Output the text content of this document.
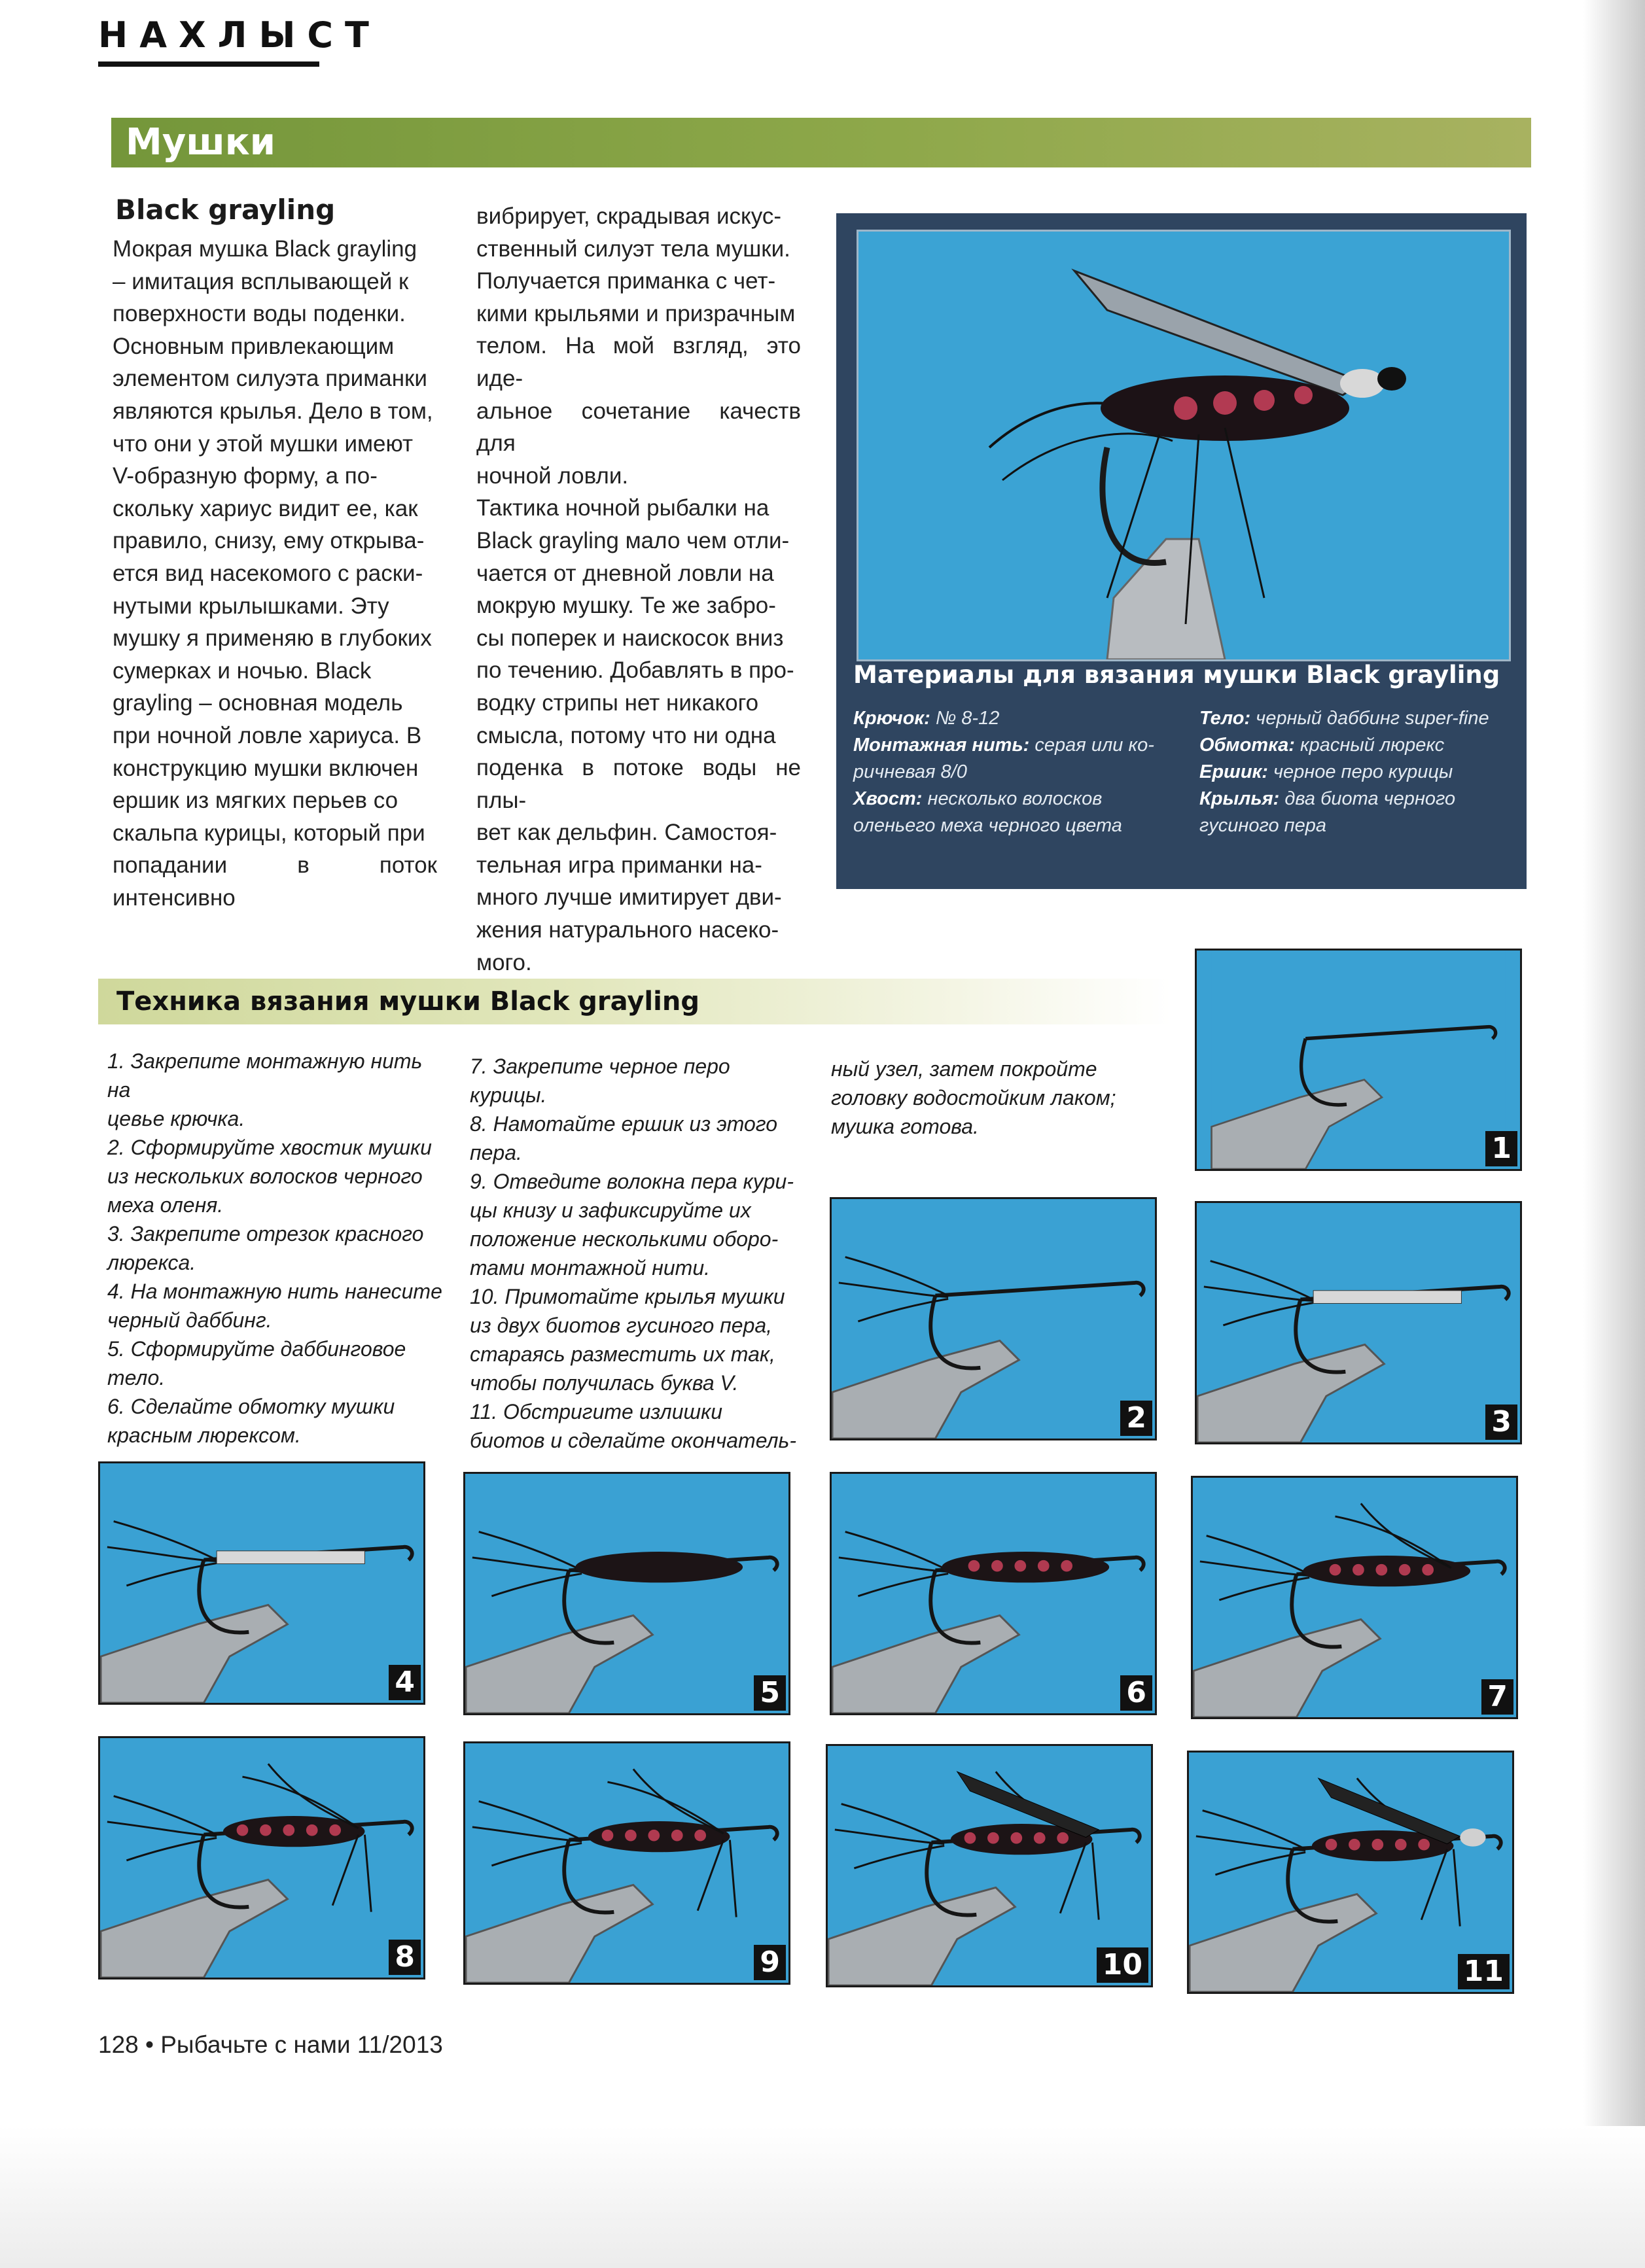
НАХЛЫСТ
Мушки
Black grayling
Мокрая мушка Black grayling
– имитация всплывающей к
поверхности воды поденки.
Основным привлекающим
элементом силуэта приманки
являются крылья. Дело в том,
что они у этой мушки имеют
V-образную форму, а по-
скольку хариус видит ее, как
правило, снизу, ему открыва-
ется вид насекомого с раски-
нутыми крылышками. Эту
мушку я применяю в глубоких
сумерках и ночью. Black
grayling – основная модель
при ночной ловле хариуса. В
конструкцию мушки включен
ершик из мягких перьев со
скальпа курицы, который при
попадании в поток интенсивно
вибрирует, скрадывая искус-
ственный силуэт тела мушки.
Получается приманка с чет-
кими крыльями и призрачным
телом. На мой взгляд, это иде-
альное сочетание качеств для
ночной ловли.
Тактика ночной рыбалки на
Black grayling мало чем отли-
чается от дневной ловли на
мокрую мушку. Те же забро-
сы поперек и наискосок вниз
по течению. Добавлять в про-
водку стрипы нет никакого
смысла, потому что ни одна
поденка в потоке воды не плы-
вет как дельфин. Самостоя-
тельная игра приманки на-
много лучше имитирует дви-
жения натурального насеко-
мого.
Материалы для вязания мушки Black grayling
Крючок: № 8-12
Монтажная нить: серая или ко-
ричневая 8/0
Хвост: несколько волосков
оленьего меха черного цвета
Тело: черный даббинг super-fine
Обмотка: красный люрекс
Ершик: черное перо курицы
Крылья: два биота черного
гусиного пера
Техника вязания мушки Black grayling
1. Закрепите монтажную нить на
цевье крючка.
2. Сформируйте хвостик мушки
из нескольких волосков черного
меха оленя.
3. Закрепите отрезок красного
люрекса.
4. На монтажную нить нанесите
черный даббинг.
5. Сформируйте даббинговое
тело.
6. Сделайте обмотку мушки
красным люрексом.
7. Закрепите черное перо курицы.
8. Намотайте ершик из этого
пера.
9. Отведите волокна пера кури-
цы книзу и зафиксируйте их
положение несколькими оборо-
тами монтажной нити.
10. Примотайте крылья мушки
из двух биотов гусиного пера,
стараясь разместить их так,
чтобы получилась буква V.
11. Обстригите излишки
биотов и сделайте окончатель-
ный узел, затем покройте
головку водостойким лаком;
мушка готова.
1
2	3
4	5	6	7
8	9	10	11
128 • Рыбачьте с нами 11/2013
